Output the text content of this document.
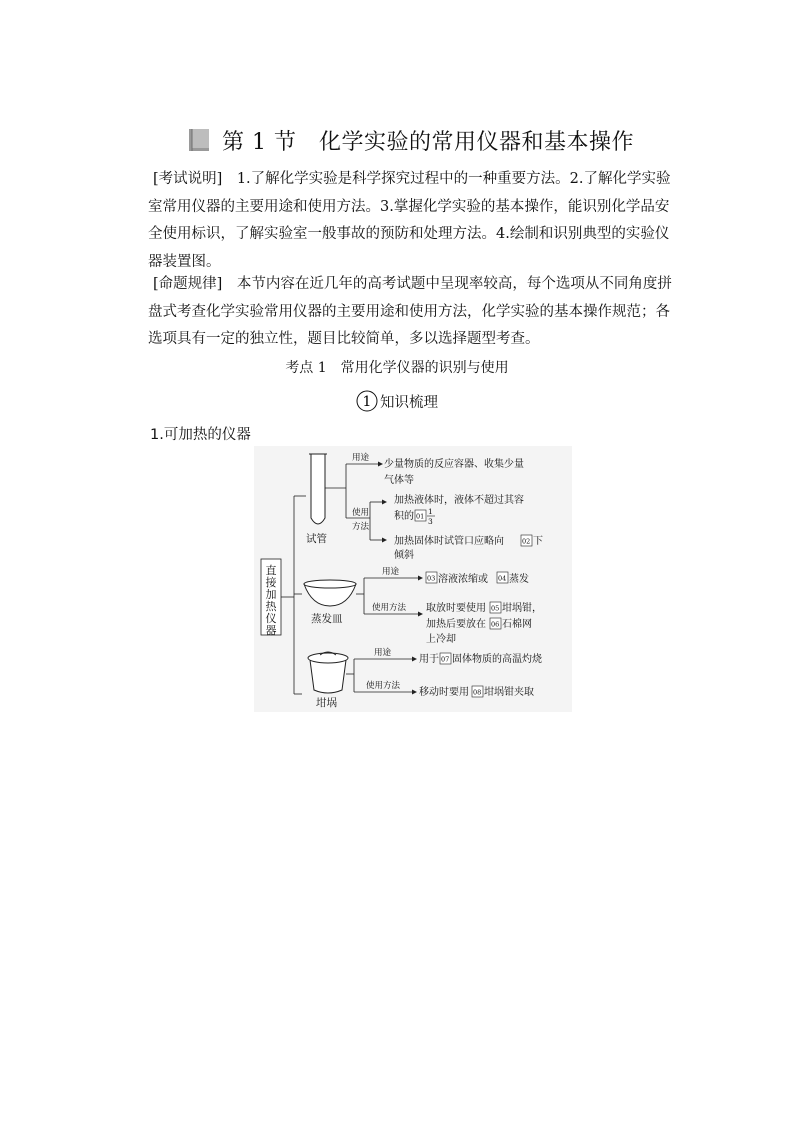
第 1 节　化学实验的常用仪器和基本操作
[考试说明]　1.了解化学实验是科学探究过程中的一种重要方法。2.了解化学实验室常用仪器的主要用途和使用方法。3.掌握化学实验的基本操作，能识别化学品安全使用标识，了解实验室一般事故的预防和处理方法。4.绘制和识别典型的实验仪器装置图。
[命题规律]　本节内容在近几年的高考试题中呈现率较高，每个选项从不同角度拼盘式考查化学实验常用仪器的主要用途和使用方法，化学实验的基本操作规范；各选项具有一定的独立性，题目比较简单，多以选择题型考查。
考点 1　常用化学仪器的识别与使用
1 知识梳理
1.可加热的仪器
直
接
加
热
仪
器
试管
用途
少量物质的反应容器、收集少量
气体等
使用
方法
加热液体时，液体不超过其容
积的 01
1
3
加热固体时试管口应略向	02 下
倾斜
蒸发皿
用途
03 溶液浓缩或 04 蒸发
使用方法 取放时要使用 05 坩埚钳，
加热后要放在 06 石棉网
上冷却
坩埚
用途
用于 07 固体物质的高温灼烧
使用方法
移动时要用 08 坩埚钳夹取
